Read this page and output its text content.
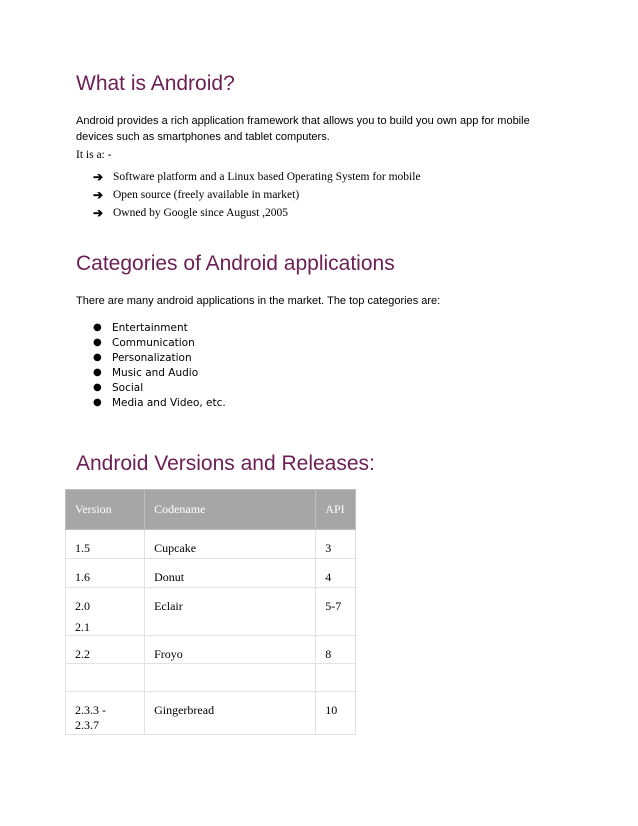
What is Android?

Android provides a rich application framework that allows you to build you own app for mobile devices such as smartphones and tablet computers.

It is a: -

➔ Software platform and a Linux based Operating System for mobile
➔ Open source (freely available in market)
➔ Owned by Google since August ,2005
Categories of Android applications

There are many android applications in the market. The top categories are:

● Entertainment
● Communication
● Personalization
● Music and Audio
● Social
● Media and Video, etc.
Android Versions and Releases:
Version	Codename	API
1.5	Cupcake	3
1.6	Donut	4

2.0
2.1	Eclair	5-7
2.2	Froyo	8

2.3.3 -
2.3.7	Gingerbread	10
